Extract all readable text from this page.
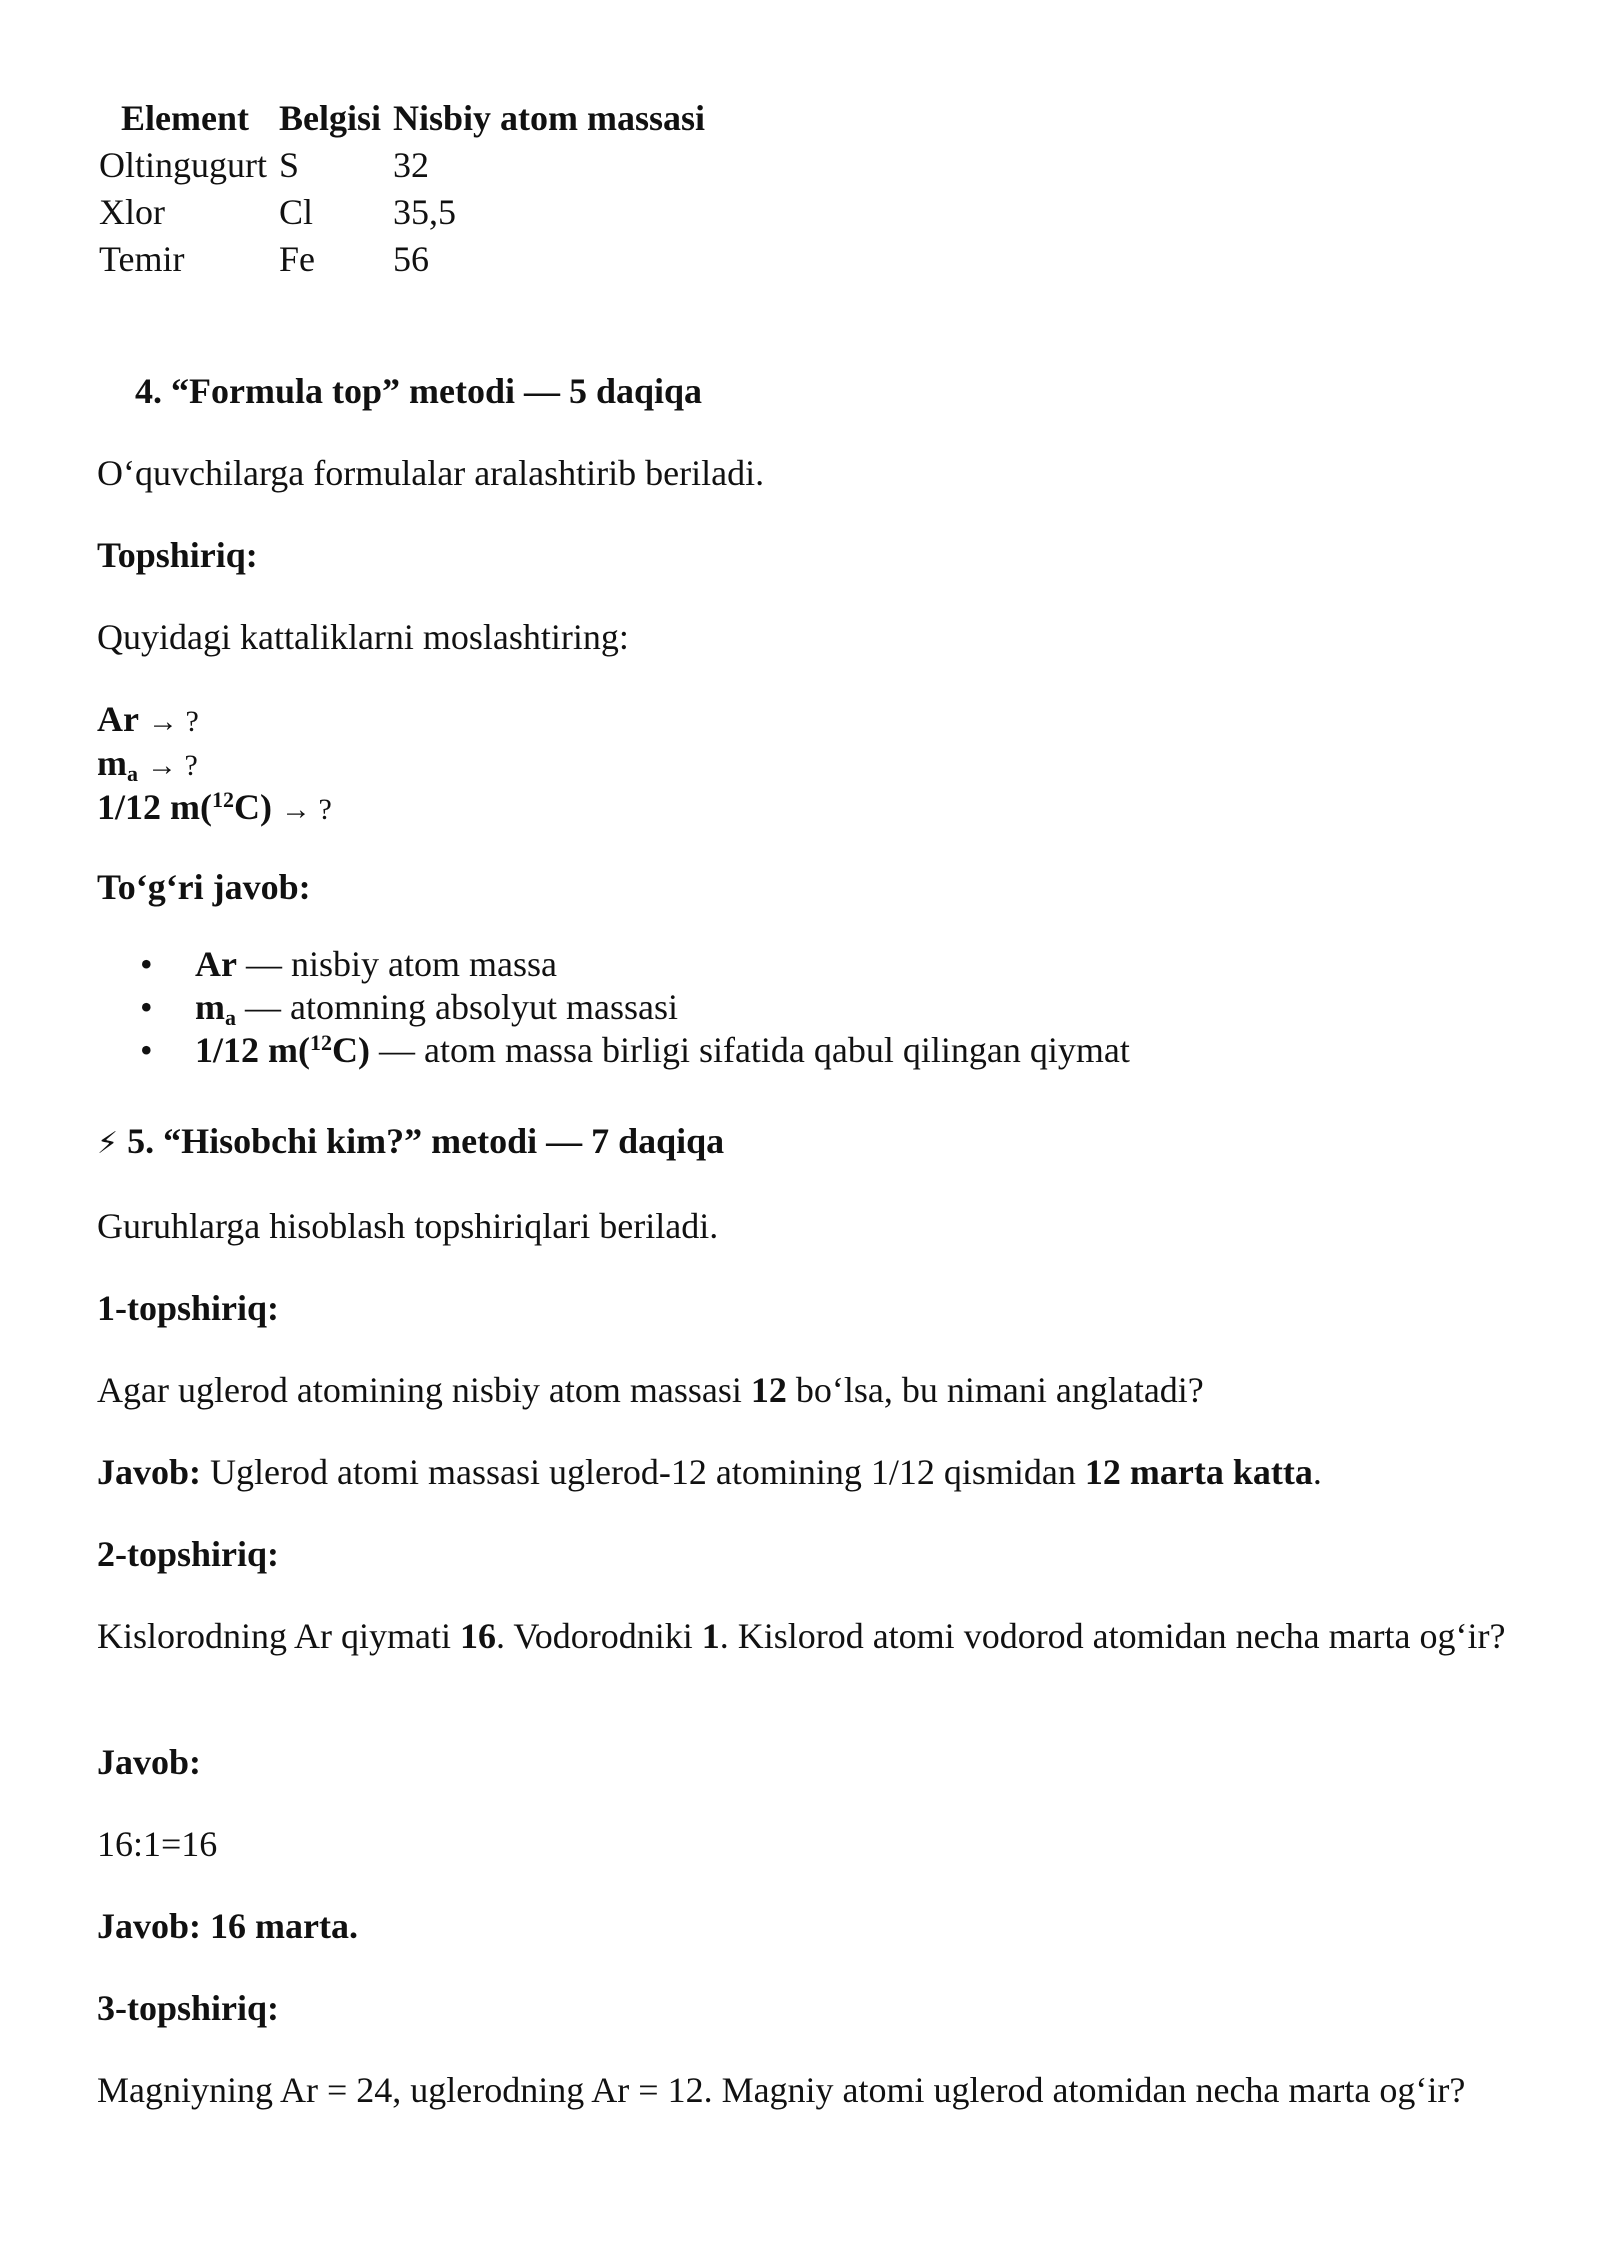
Element	Belgisi	Nisbiy atom massasi
Oltingugurt	S	32
Xlor	Cl	35,5
Temir	Fe	56
4. “Formula top” metodi — 5 daqiqa
O‘quvchilarga formulalar aralashtirib beriladi.
Topshiriq:
Quyidagi kattaliklarni moslashtiring:
Ar → ?
$m_a$ → ?
1/12 m($^{12}$C) → ?
To‘g‘ri javob:
• Ar — nisbiy atom massa
• $m_a$ — atomning absolyut massasi
• 1/12 m($^{12}$C) — atom massa birligi sifatida qabul qilingan qiymat
⚡ 5. “Hisobchi kim?” metodi — 7 daqiqa
Guruhlarga hisoblash topshiriqlari beriladi.
1-topshiriq:
Agar uglerod atomining nisbiy atom massasi 12 bo‘lsa, bu nimani anglatadi?
Javob: Uglerod atomi massasi uglerod-12 atomining 1/12 qismidan 12 marta katta.
2-topshiriq:
Kislorodning Ar qiymati 16. Vodorodniki 1. Kislorod atomi vodorod atomidan necha marta og‘ir?
Javob:
16:1=16
Javob: 16 marta.
3-topshiriq:
Magniyning Ar = 24, uglerodning Ar = 12. Magniy atomi uglerod atomidan necha marta og‘ir?
